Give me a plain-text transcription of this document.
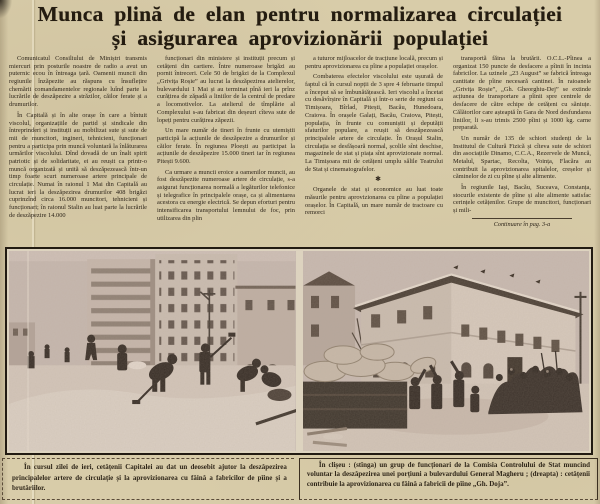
Munca plină de elan pentru normalizarea circulației
și asigurarea aprovizionării populației

Comunicatul Consiliului de Miniștri transmis miercuri prin posturile noastre de radio a avut un puternic ecou în întreaga țară. Oamenii muncii din regiunile înzăpezite au răspuns cu însuflețire chemării comandamentelor regionale luînd parte la lucrările de deszăpezire a străzilor, căilor ferate și a drumurilor.

În Capitală și în alte orașe în care a bîntuit viscolul, organizațiile de partid și sindicale din întreprinderi și instituții au mobilizat sute și sute de mii de muncitori, ingineri, tehnicieni, funcționari pentru a participa prin muncă voluntară la înlăturarea urmărilor viscolului. Dînd dovadă de un înalt spirit patriotic și de solidaritate, ei au reușit ca printr-o muncă organizată și unită să deszăpezească într-un timp foarte scurt numeroase artere principale de circulație. Numai în raionul 1 Mai din Capitală au lucrat ieri la deszăpezirea drumurilor 408 brigăzi cuprinzînd circa 16.000 muncitori, tehnicieni și funcționari; în raionul Stalin au luat parte la lucrările de deszăpezire 14.000

funcționari din ministere și instituții precum și cetățeni din cartiere. Între numeroase brigăzi au pornit întreceri. Cele 50 de brigăzi de la Complexul „Grivița Roșie” au lucrat la deszăpezirea atelierelor, bulevardului 1 Mai și au terminat pînă ieri la prînz curățirea de zăpadă a liniilor de la centrul de predare a locomotivelor. La atelierul de tîmplărie al Complexului s-au fabricat din deșeuri cîteva sute de lopeți pentru curățirea zăpezii.

Un mare număr de tineri în frunte cu utemiștii participă la acțiunile de deszăpezire a drumurilor și căilor ferate. În regiunea Ploești au participat la acțiunile de deszăpezire 15.000 tineri iar în regiunea Pitești 9.600.

Ca urmare a muncii eroice a oamenilor muncii, au fost deszăpezite numeroase artere de circulație, s-a asigurat funcționarea normală a legăturilor telefonice și telegrafice în principalele orașe, ca și alimentarea acestora cu energie electrică. Se depun eforturi pentru intensificarea transportului lemnului de foc, prin utilizarea din plin

a tuturor mijloacelor de tracțiune locală, precum și pentru aprovizionarea cu pîine a populației orașelor.

Combaterea efectelor viscolului este ușurată de faptul că în cursul nopții de 3 spre 4 februarie timpul a început să se îmbunătățească. Ieri viscolul a încetat cu desăvîrșire în Capitală și într-o serie de regiuni ca Timișoara, Bîrlad, Pitești, Bacău, Hunedoara, Craiova. În orașele Galați, Bacău, Craiova, Pitești, populația, în frunte cu comuniștii și deputății sfaturilor populare, a reușit să deszăpezească principalele artere de circulație. În Orașul Stalin, circulația se desfășoară normal, școlile sînt deschise, magazinele de stat și piața sînt aprovizionate normal. La Timișoara mii de cetățeni umplu sălile Teatrului de Stat și cinematografelor.

✱

Organele de stat și economice au luat toate măsurile pentru aprovizionarea cu pîine a populației orașelor. În Capitală, un mare număr de tractoare cu remorci

transportă făina la brutării. O.C.L.-Pîinea a organizat 150 puncte de desfacere a pîinii în incinta fabricilor. La uzinele „23 August” se fabrică întreaga cantitate de pîine necesară cantinei. În raioanele „Grivița Roșie”, „Gh. Gheorghiu-Dej” se extinde acțiunea de transportare a pîinii spre centrele de desfacere de către echipe de cetățeni cu săniuțe. Călătorilor care așteaptă în Gara de Nord desfundarea liniilor, li s-au trimis 2500 pîini și 1000 kg. carne preparată.

Un număr de 135 de schiori studenți de la Institutul de Cultură Fizică și cîteva sute de schiori din asociațiile Dinamo, C.C.A., Rezervele de Muncă, Metalul, Spartac, Recolta, Voința, Flacăra au contribuit la aprovizionarea spitalelor, creșelor și căminelor de zi cu pîine și alte alimente.

În regiunile Iași, Bacău, Suceava, Constanța, stocurile existente de pîine și alte alimente satisfac cerințele cetățenilor. Grupe de muncitori, funcționari și mili-

Continuare în pag. 3-a

În cursul zilei de ieri, cetățenii Capitalei au dat un deosebit ajutor la deszăpezirea principalelor artere de circulație și la aprovizionarea cu făină a fabricilor de pîine și a brutăriilor.

În clișeu : (stînga) un grup de funcționari de la Comisia Controlului de Stat muncind voluntar la deszăpezirea unei porțiuni a bulevardului General Magheru ; (dreapta) : cetățenii contribuie la aprovizionarea cu făină a fabricii de pîine „Gh. Doja”.
